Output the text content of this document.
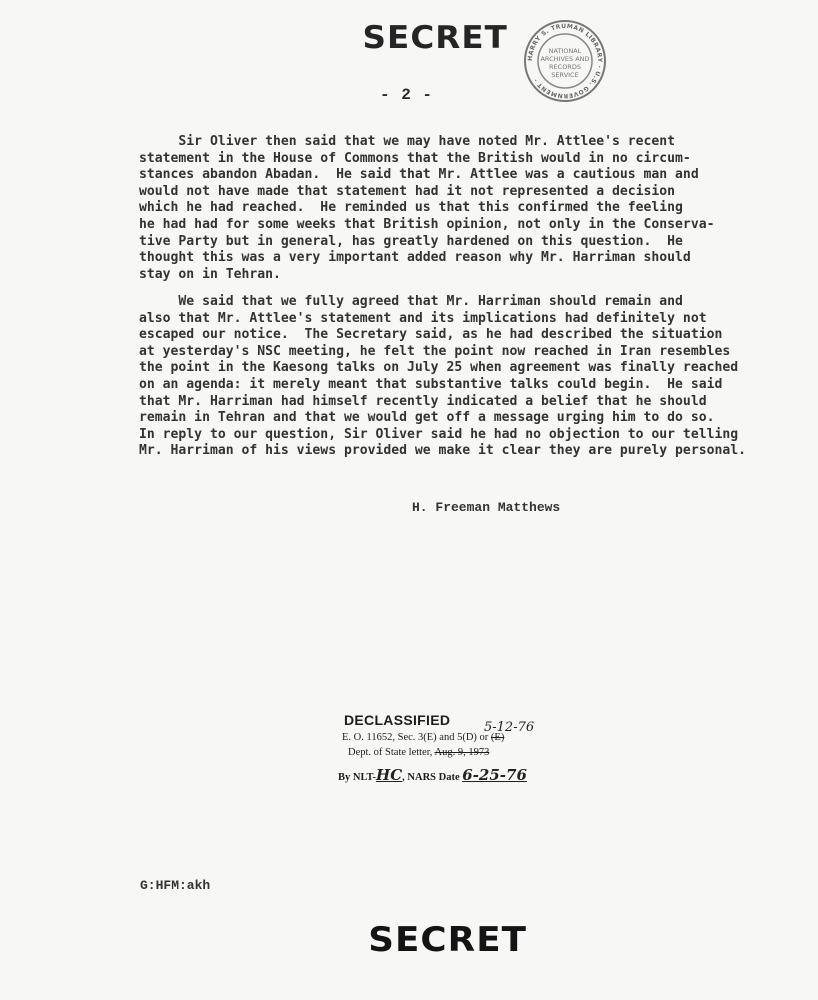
SECRET
HARRY S. TRUMAN LIBRARY · U.S. GOVERNMENT ·
NATIONAL
ARCHIVES AND
RECORDS
SERVICE
- 2 -
Sir Oliver then said that we may have noted Mr. Attlee's recent
statement in the House of Commons that the British would in no circum-
stances abandon Abadan.  He said that Mr. Attlee was a cautious man and
would not have made that statement had it not represented a decision
which he had reached.  He reminded us that this confirmed the feeling
he had had for some weeks that British opinion, not only in the Conserva-
tive Party but in general, has greatly hardened on this question.  He
thought this was a very important added reason why Mr. Harriman should
stay on in Tehran.
We said that we fully agreed that Mr. Harriman should remain and
also that Mr. Attlee's statement and its implications had definitely not
escaped our notice.  The Secretary said, as he had described the situation
at yesterday's NSC meeting, he felt the point now reached in Iran resembles
the point in the Kaesong talks on July 25 when agreement was finally reached
on an agenda: it merely meant that substantive talks could begin.  He said
that Mr. Harriman had himself recently indicated a belief that he should
remain in Tehran and that we would get off a message urging him to do so.
In reply to our question, Sir Oliver said he had no objection to our telling
Mr. Harriman of his views provided we make it clear they are purely personal.
H. Freeman Matthews
DECLASSIFIED
E. O. 11652, Sec. 3(E) and 5(D) or (E)
Dept. of State letter, Aug. 9, 1973
By NLT-HC, NARS Date 6-25-76
5-12-76
G:HFM:akh
SECRET
